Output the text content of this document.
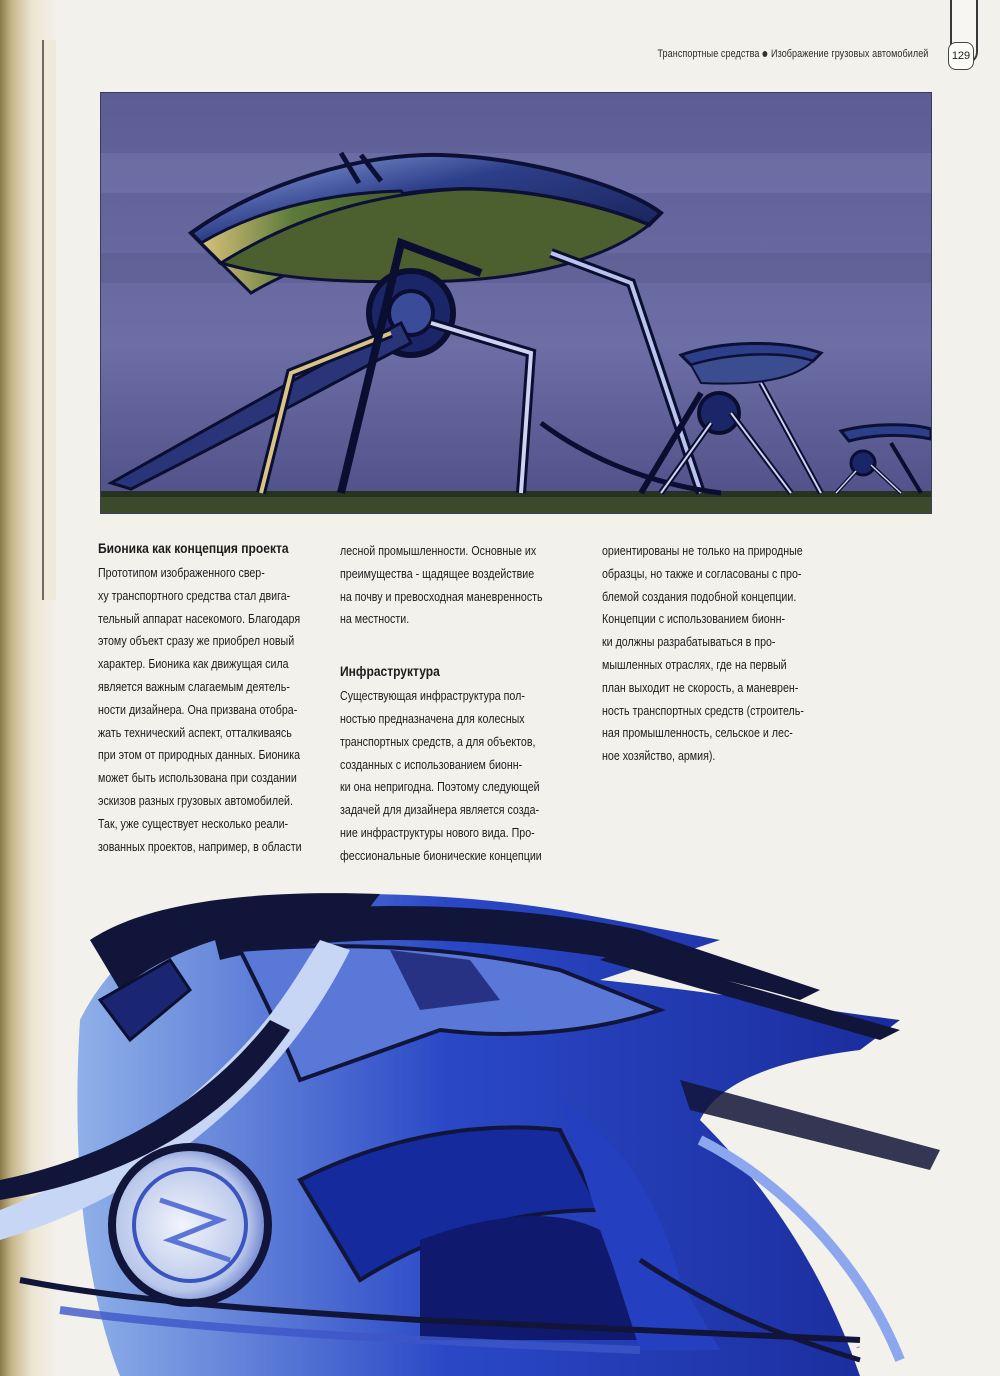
Транспортные средства Изображение грузовых автомобилей	129
Бионика как концепция проекта

Прототипом изображенного свер-
ху транспортного средства стал двига-
тельный аппарат насекомого. Благодаря
этому объект сразу же приобрел новый
характер. Бионика как движущая сила
является важным слагаемым деятель-
ности дизайнера. Она призвана отобра-
жать технический аспект, отталкиваясь
при этом от природных данных. Бионика
может быть использована при создании
эскизов разных грузовых автомобилей.
Так, уже существует несколько реали-
зованных проектов, например, в области

лесной промышленности. Основные их
преимущества - щадящее воздействие
на почву и превосходная маневренность
на местности.

Инфраструктура

Существующая инфраструктура пол-
ностью предназначена для колесных
транспортных средств, а для объектов,
созданных с использованием бионн-
ки она непригодна. Поэтому следующей
задачей для дизайнера является созда-
ние инфраструктуры нового вида. Про-
фессиональные бионические концепции

ориентированы не только на природные
образцы, но также и согласованы с про-
блемой создания подобной концепции.
Концепции с использованием бионн-
ки должны разрабатываться в про-
мышленных отраслях, где на первый
план выходит не скорость, а маневрен-
ность транспортных средств (строитель-
ная промышленность, сельское и лес-
ное хозяйство, армия).
